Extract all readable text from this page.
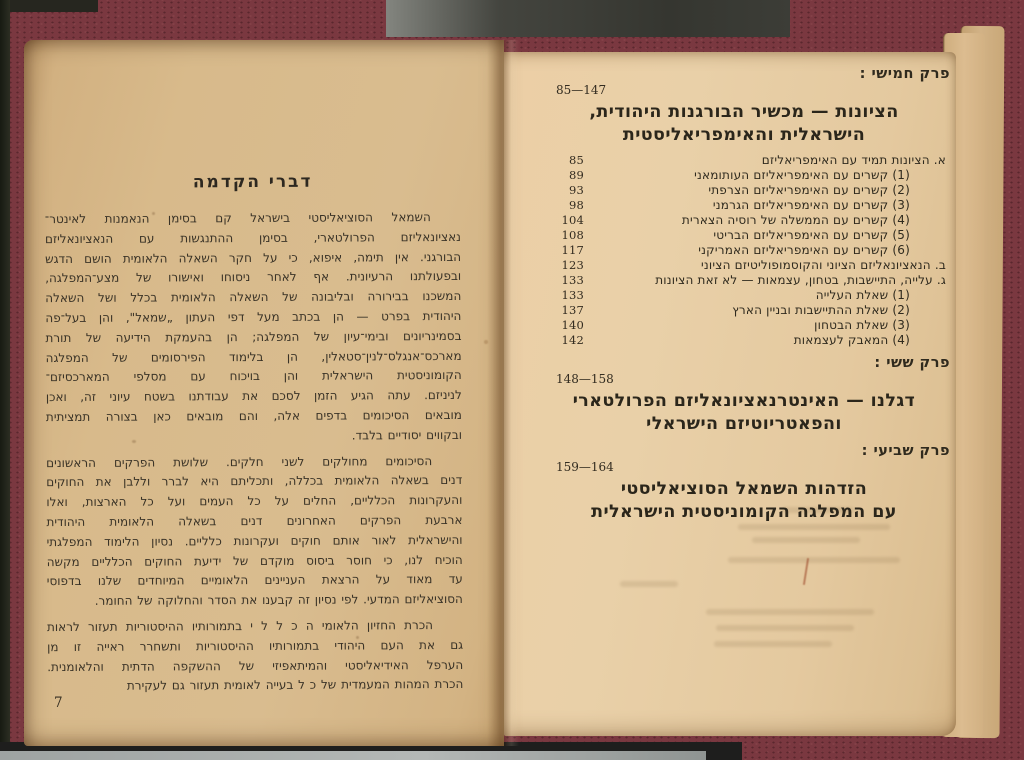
7
דברי הקדמה
השמאל הסוציאליסטי בישראל קם בסימן הנאמנות לאינטר־
נאציונאליזם הפרולטארי, בסימן ההתנגשות עם הנאציונאליזם
הבורגני. אין תימה, איפוא, כי על חקר השאלה הלאומית הושם הדגש
ובפעולתנו הרעיונית. אף לאחר ניסוחו ואישורו של מצע־המפלגה,
המשכנו בבירורה ובליבונה של השאלה הלאומית בכלל ושל השאלה
היהודית בפרט — הן בכתב מעל דפי העתון „שמאל", והן בעל־פה
בסמינריונים ובימי־עיון של המפלגה; הן בהעמקת הידיעה של תורת
מארכס־אנגלס־לנין־סטאלין, הן בלימוד הפירסומים של המפלגה
הקומוניסטית הישראלית והן בויכוח עם מסלפי המארכסיזם־
לניניזם. עתה הגיע הזמן לסכם את עבודתנו בשטח עיוני זה, ואכן
מובאים הסיכומים בדפים אלה, והם מובאים כאן בצורה תמציתית
ובקווים יסודיים בלבד.
הסיכומים מחולקים לשני חלקים. שלושת הפרקים הראשונים
דנים בשאלה הלאומית בכללה, ותכליתם היא לברר וללבן את החוקים
והעקרונות הכלליים, החלים על כל העמים ועל כל הארצות, ואלו
ארבעת הפרקים האחרונים דנים בשאלה הלאומית היהודית
והישראלית לאור אותם חוקים ועקרונות כלליים. נסיון הלימוד המפלגתי
הוכיח לנו, כי חוסר ביסוס מוקדם של ידיעת החוקים הכלליים מקשה
עד מאוד על הרצאת העניינים הלאומיים המיוחדים שלנו בדפוסי
הסוציאליזם המדעי. לפי נסיון זה קבענו את הסדר והחלוקה של החומר.
הכרת החזיון הלאומי ה כ ל ל י בתמורותיו ההיסטוריות תעזור לראות
גם את העם היהודי בתמורותיו ההיסטוריות ותשחרר ראייה זו מן
הערפל האידיאליסטי והמיתאפיזי של ההשקפה הדתית והלאומנית.
הכרת המהות המעמדית של כ ל בעייה לאומית תעזור גם לעקירת
פרק חמישי :
85—147
הציונות — מכשיר הבורגנות היהודית,
הישראלית והאימפריאליסטית
א. הציונות תמיד עם האימפריאליזם
85
(1) קשרים עם האימפריאליזם העותומאני
89
(2) קשרים עם האימפריאליזם הצרפתי
93
(3) קשרים עם האימפריאליזם הגרמני
98
(4) קשרים עם הממשלה של רוסיה הצארית
104
(5) קשרים עם האימפריאליזם הבריטי
108
(6) קשרים עם האימפריאליזם האמריקני
117
ב. הנאציונאליזם הציוני והקוסמופוליטיזם הציוני
123
ג. עלייה, התיישבות, בטחון, עצמאות — לא זאת הציונות
133
(1) שאלת העלייה
133
(2) שאלת ההתיישבות ובניין הארץ
137
(3) שאלת הבטחון
140
(4) המאבק לעצמאות
142
פרק ששי :
148—158
דגלנו — האינטרנאציונאליזם הפרולטארי
והפאטריוטיזם הישראלי
פרק שביעי :
159—164
הזדהות השמאל הסוציאליסטי
עם המפלגה הקומוניסטית הישראלית
